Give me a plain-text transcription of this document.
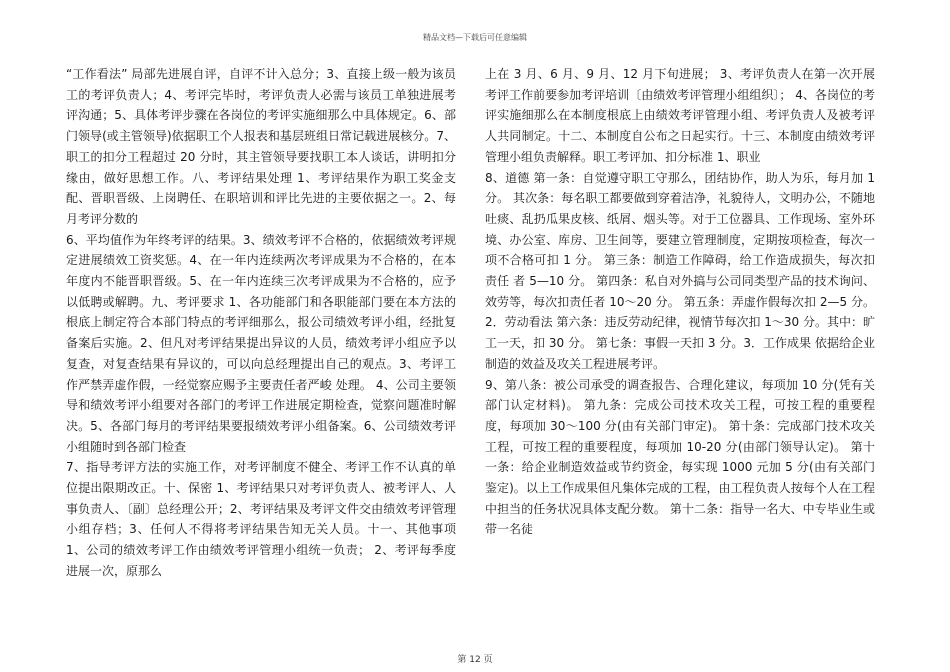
精品文档—下载后可任意编辑

“工作看法” 局部先进展自评，自评不计入总分；3、直接上级一般为该员工的考评负责人；4、考评完毕时，考评负责人必需与该员工单独进展考评沟通；5、具体考评步骤在各岗位的考评实施细那么中具体规定。6、部门领导(或主管领导)依据职工个人报表和基层班组日常记载进展核分。7、职工的扣分工程超过 20 分时，其主管领导要找职工本人谈话，讲明扣分缘由，做好思想工作。八、考评结果处理 1、考评结果作为职工奖金支配、晋职晋级、上岗聘任、在职培训和评比先进的主要依据之一。2、每月考评分数的

6、平均值作为年终考评的结果。3、绩效考评不合格的，依据绩效考评规定进展绩效工资奖惩。4、在一年内连续两次考评成果为不合格的，在本年度内不能晋职晋级。5、在一年内连续三次考评成果为不合格的，应予以低聘或解聘。九、考评要求 1、各功能部门和各职能部门要在本方法的根底上制定符合本部门特点的考评细那么，报公司绩效考评小组，经批复备案后实施。2、但凡对考评结果提出异议的人员，绩效考评小组应予以复查，对复查结果有异议的，可以向总经理提出自己的观点。3、考评工作严禁弄虚作假，一经觉察应赐予主要责任者严峻 处理。 4、公司主要领导和绩效考评小组要对各部门的考评工作进展定期检查，觉察问题准时解决。5、各部门每月的考评结果要报绩效考评小组备案。6、公司绩效考评小组随时到各部门检查

7、指导考评方法的实施工作，对考评制度不健全、考评工作不认真的单位提出限期改正。十、保密 1、考评结果只对考评负责人、被考评人、人事负责人、〔副〕总经理公开；2、考评结果及考评文件交由绩效考评管理小组存档；3、任何人不得将考评结果告知无关人员。十一、其他事项 1、公司的绩效考评工作由绩效考评管理小组统一负责； 2、考评每季度进展一次，原那么

上在 3 月、6 月、9 月、12 月下旬进展； 3、考评负责人在第一次开展考评工作前要参加考评培训〔由绩效考评管理小组组织〕； 4、各岗位的考评实施细那么在本制度根底上由绩效考评管理小组、考评负责人及被考评人共同制定。十二、本制度自公布之日起实行。十三、本制度由绩效考评管理小组负责解释。职工考评加、扣分标准 1、职业

8、道德 第一条：自觉遵守职工守那么，团结协作，助人为乐，每月加 1 分。 其次条：每名职工都要做到穿着洁净，礼貌待人，文明办公，不随地吐痰、乱扔瓜果皮核、纸屑、烟头等。对于工位器具、工作现场、室外环境、办公室、库房、卫生间等，要建立管理制度，定期按项检查，每次一项不合格可扣 1 分。 第三条：制造工作障碍，给工作造成损失，每次扣责任 者 5—10 分。 第四条：私自对外搞与公司同类型产品的技术询问、效劳等，每次扣责任者 10～20 分。 第五条：弄虚作假每次扣 2—5 分。2．劳动看法 第六条：违反劳动纪律，视情节每次扣 1～30 分。其中：旷工一天，扣 30 分。 第七条：事假一天扣 3 分。3．工作成果 依据给企业制造的效益及攻关工程进展考评。

9、第八条：被公司承受的调查报告、合理化建议，每项加 10 分(凭有关部门认定材料)。 第九条：完成公司技术攻关工程，可按工程的重要程度，每项加 30～100 分(由有关部门审定)。 第十条：完成部门技术攻关工程，可按工程的重要程度，每项加 10-20 分(由部门领导认定)。 第十一条：给企业制造效益或节约资金，每实现 1000 元加 5 分(由有关部门鉴定)。以上工作成果但凡集体完成的工程，由工程负责人按每个人在工程中担当的任务状况具体支配分数。 第十二条：指导一名大、中专毕业生或带一名徒

第 12 页
